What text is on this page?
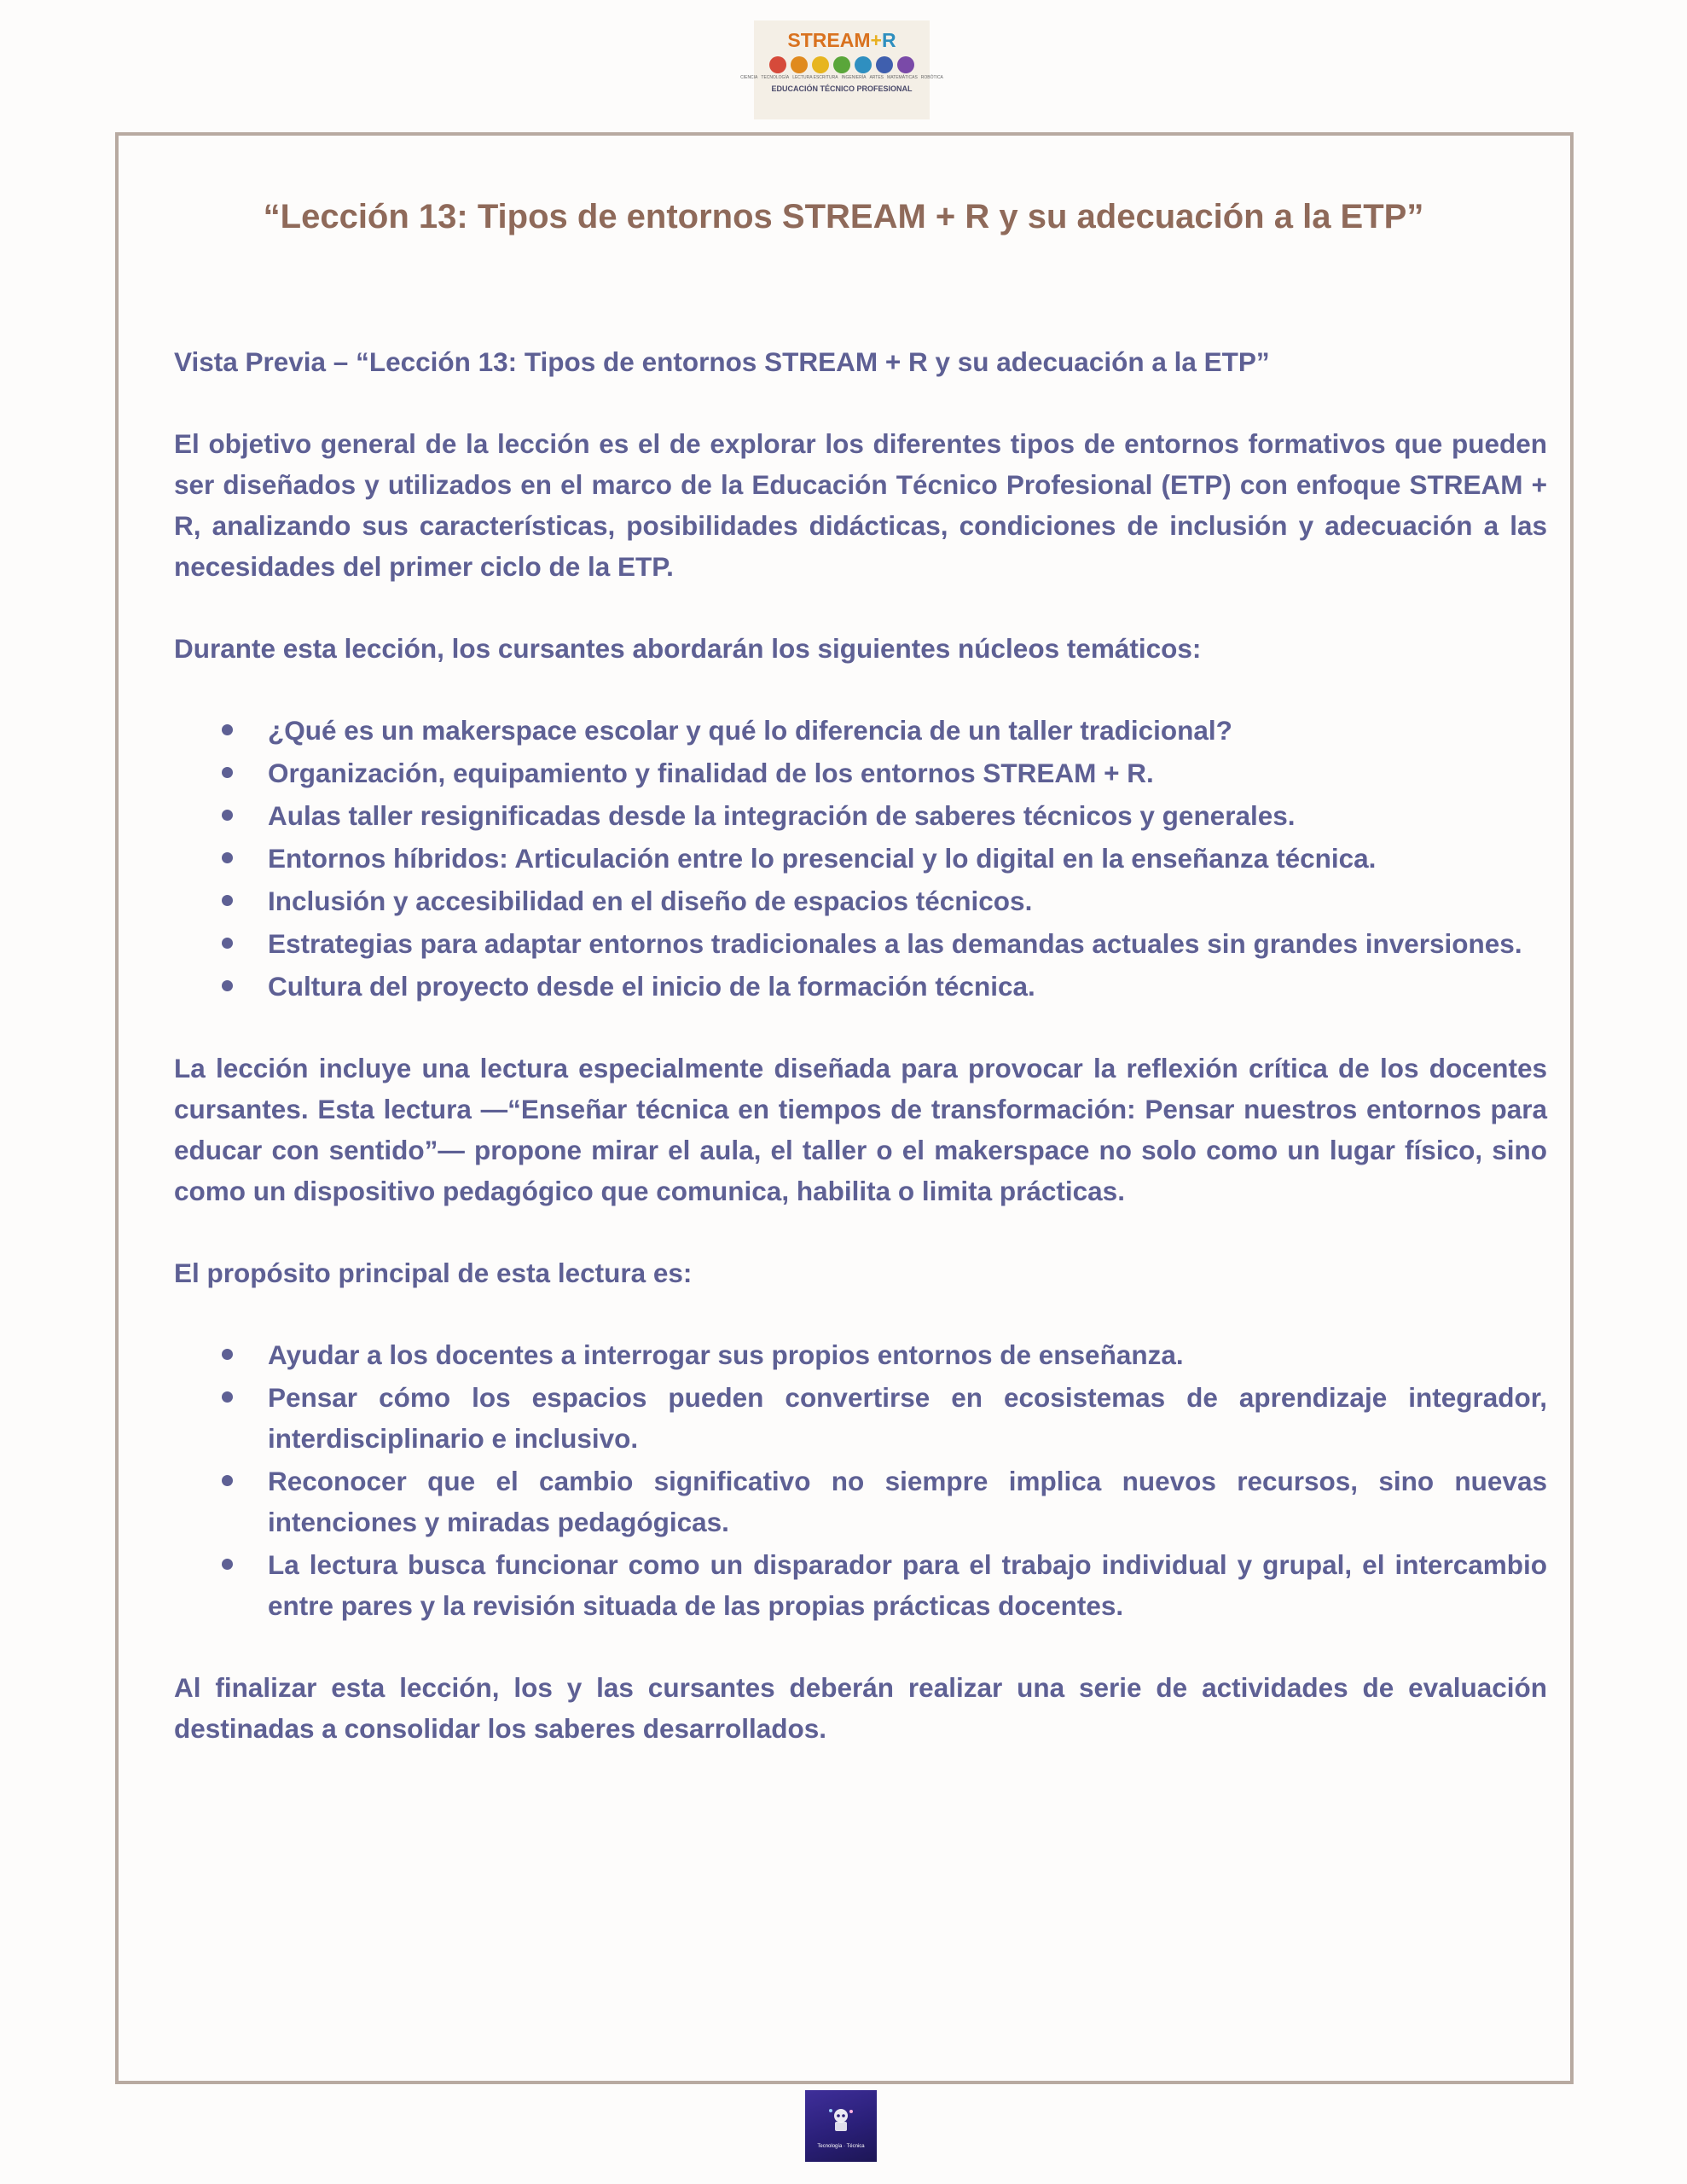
STREAM+R
CIENCIA TECNOLOGÍA LECTURA ESCRITURA INGENIERÍA ARTES MATEMÁTICAS ROBÓTICA
EDUCACIÓN TÉCNICO PROFESIONAL
“Lección 13: Tipos de entornos STREAM + R y su adecuación a la ETP”

Vista Previa – “Lección 13: Tipos de entornos STREAM + R y su adecuación a la ETP”

El objetivo general de la lección es el de explorar los diferentes tipos de entornos formativos que pueden ser diseñados y utilizados en el marco de la Educación Técnico Profesional (ETP) con enfoque STREAM + R, analizando sus características, posibilidades didácticas, condiciones de inclusión y adecuación a las necesidades del primer ciclo de la ETP.

Durante esta lección, los cursantes abordarán los siguientes núcleos temáticos:

¿Qué es un makerspace escolar y qué lo diferencia de un taller tradicional?
Organización, equipamiento y finalidad de los entornos STREAM + R.
Aulas taller resignificadas desde la integración de saberes técnicos y generales.
Entornos híbridos: Articulación entre lo presencial y lo digital en la enseñanza técnica.
Inclusión y accesibilidad en el diseño de espacios técnicos.
Estrategias para adaptar entornos tradicionales a las demandas actuales sin grandes inversiones.
Cultura del proyecto desde el inicio de la formación técnica.

La lección incluye una lectura especialmente diseñada para provocar la reflexión crítica de los docentes cursantes. Esta lectura —“Enseñar técnica en tiempos de transformación: Pensar nuestros entornos para educar con sentido”— propone mirar el aula, el taller o el makerspace no solo como un lugar físico, sino como un dispositivo pedagógico que comunica, habilita o limita prácticas.

El propósito principal de esta lectura es:

Ayudar a los docentes a interrogar sus propios entornos de enseñanza.
Pensar cómo los espacios pueden convertirse en ecosistemas de aprendizaje integrador, interdisciplinario e inclusivo.
Reconocer que el cambio significativo no siempre implica nuevos recursos, sino nuevas intenciones y miradas pedagógicas.
La lectura busca funcionar como un disparador para el trabajo individual y grupal, el intercambio entre pares y la revisión situada de las propias prácticas docentes.

Al finalizar esta lección, los y las cursantes deberán realizar una serie de actividades de evaluación destinadas a consolidar los saberes desarrollados.

Tecnología · Técnica
